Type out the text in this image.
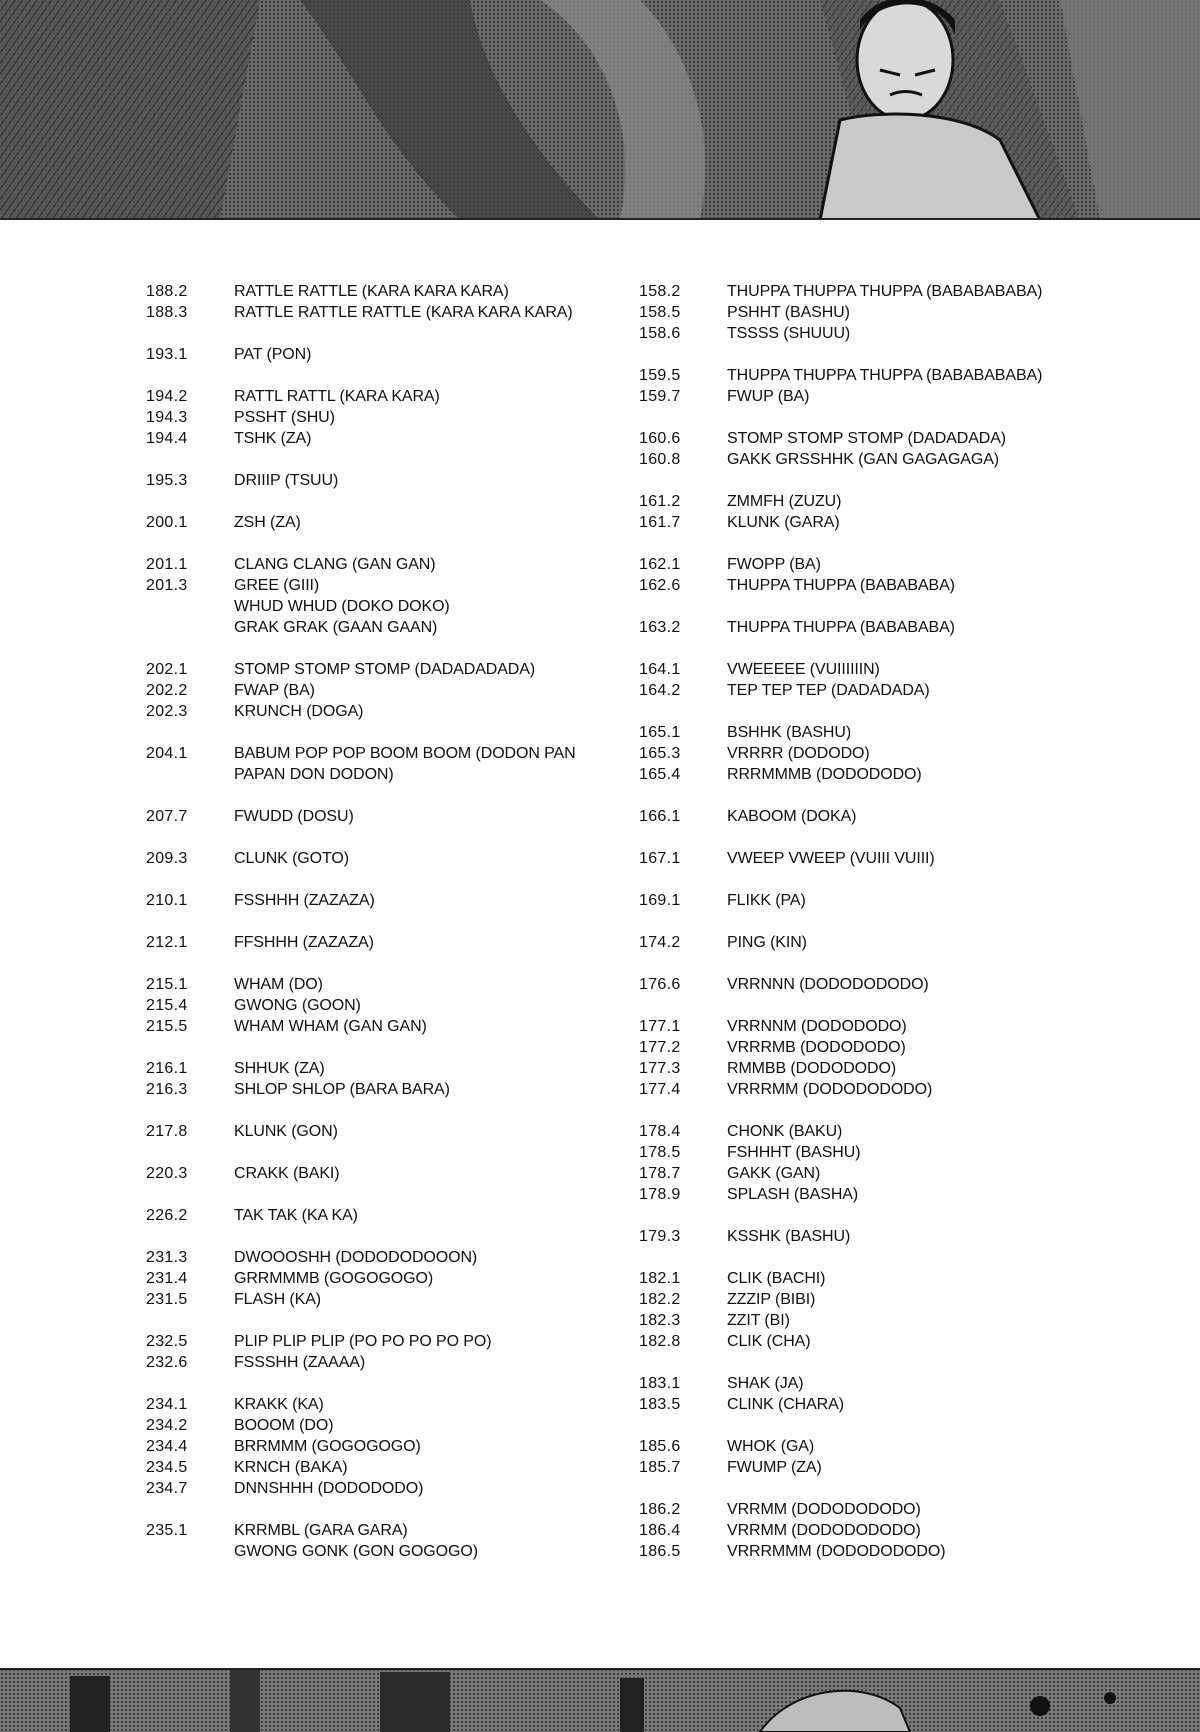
188.2	RATTLE RATTLE (KARA KARA KARA)
188.3	RATTLE RATTLE RATTLE (KARA KARA KARA)
193.1	PAT (PON)
194.2	RATTL RATTL (KARA KARA)
194.3	PSSHT (SHU)
194.4	TSHK (ZA)
195.3	DRIIIP (TSUU)
200.1	ZSH (ZA)
201.1	CLANG CLANG (GAN GAN)
201.3	GREE (GIII)
WHUD WHUD (DOKO DOKO)
GRAK GRAK (GAAN GAAN)
202.1	STOMP STOMP STOMP (DADADADADA)
202.2	FWAP (BA)
202.3	KRUNCH (DOGA)
204.1	BABUM POP POP BOOM BOOM (DODON PAN PAPAN DON DODON)
207.7	FWUDD (DOSU)
209.3	CLUNK (GOTO)
210.1	FSSHHH (ZAZAZA)
212.1	FFSHHH (ZAZAZA)
215.1	WHAM (DO)
215.4	GWONG (GOON)
215.5	WHAM WHAM (GAN GAN)
216.1	SHHUK (ZA)
216.3	SHLOP SHLOP (BARA BARA)
217.8	KLUNK (GON)
220.3	CRAKK (BAKI)
226.2	TAK TAK (KA KA)
231.3	DWOOOSHH (DODODODOOON)
231.4	GRRMMMB (GOGOGOGO)
231.5	FLASH (KA)
232.5	PLIP PLIP PLIP (PO PO PO PO PO)
232.6	FSSSHH (ZAAAA)
234.1	KRAKK (KA)
234.2	BOOOM (DO)
234.4	BRRMMM (GOGOGOGO)
234.5	KRNCH (BAKA)
234.7	DNNSHHH (DODODODO)
235.1	KRRMBL (GARA GARA)
GWONG GONK (GON GOGOGO)
158.2	THUPPA THUPPA THUPPA (BABABABABA)
158.5	PSHHT (BASHU)
158.6	TSSSS (SHUUU)
159.5	THUPPA THUPPA THUPPA (BABABABABA)
159.7	FWUP (BA)
160.6	STOMP STOMP STOMP (DADADADA)
160.8	GAKK GRSSHHK (GAN GAGAGAGA)
161.2	ZMMFH (ZUZU)
161.7	KLUNK (GARA)
162.1	FWOPP (BA)
162.6	THUPPA THUPPA (BABABABA)
163.2	THUPPA THUPPA (BABABABA)
164.1	VWEEEEE (VUIIIIIIN)
164.2	TEP TEP TEP (DADADADA)
165.1	BSHHK (BASHU)
165.3	VRRRR (DODODO)
165.4	RRRMMMB (DODODODO)
166.1	KABOOM (DOKA)
167.1	VWEEP VWEEP (VUIII VUIII)
169.1	FLIKK (PA)
174.2	PING (KIN)
176.6	VRRNNN (DODODODODO)
177.1	VRRNNM (DODODODO)
177.2	VRRRMB (DODODODO)
177.3	RMMBB (DODODODO)
177.4	VRRRMM (DODODODODO)
178.4	CHONK (BAKU)
178.5	FSHHHT (BASHU)
178.7	GAKK (GAN)
178.9	SPLASH (BASHA)
179.3	KSSHK (BASHU)
182.1	CLIK (BACHI)
182.2	ZZZIP (BIBI)
182.3	ZZIT (BI)
182.8	CLIK (CHA)
183.1	SHAK (JA)
183.5	CLINK (CHARA)
185.6	WHOK (GA)
185.7	FWUMP (ZA)
186.2	VRRMM (DODODODODO)
186.4	VRRMM (DODODODODO)
186.5	VRRRMMM (DODODODODO)
